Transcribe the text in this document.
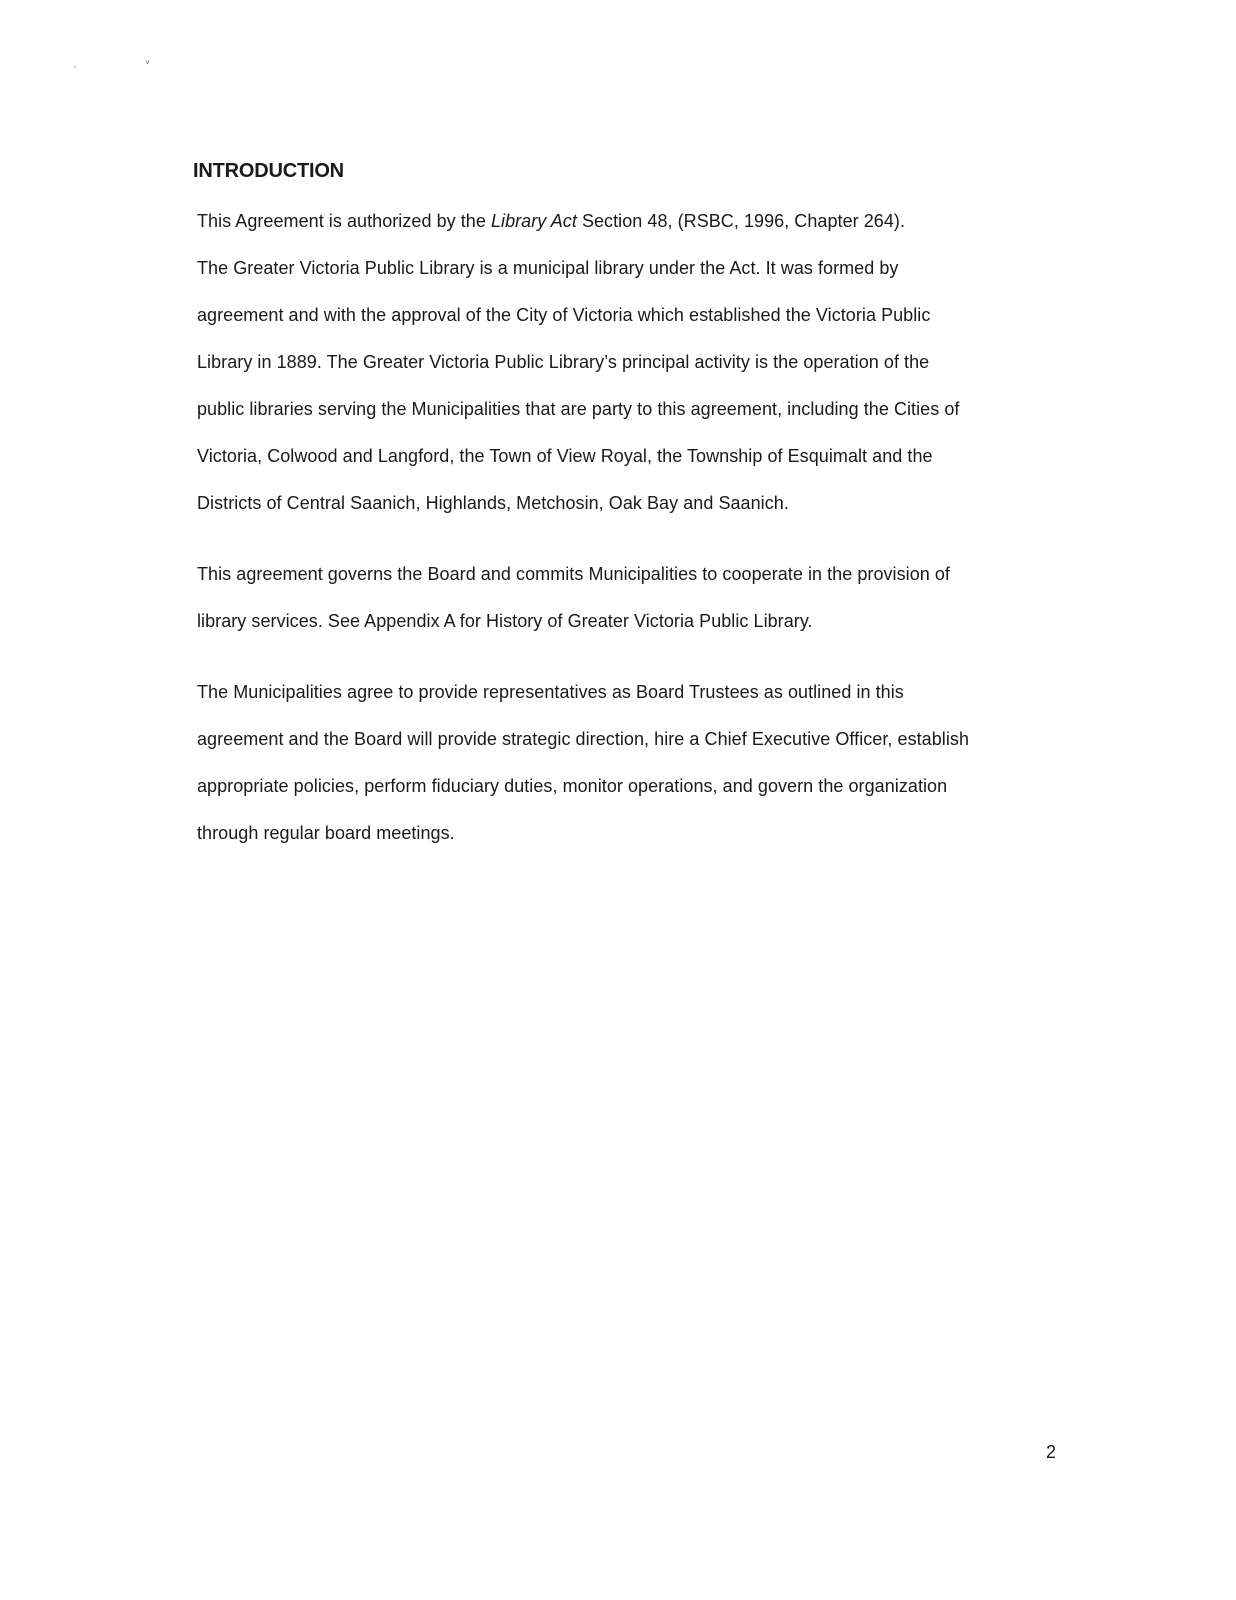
‘
ᵛ
INTRODUCTION

This Agreement is authorized by the Library Act Section 48, (RSBC, 1996, Chapter 264).
The Greater Victoria Public Library is a municipal library under the Act. It was formed by
agreement and with the approval of the City of Victoria which established the Victoria Public
Library in 1889. The Greater Victoria Public Library’s principal activity is the operation of the
public libraries serving the Municipalities that are party to this agreement, including the Cities of
Victoria, Colwood and Langford, the Town of View Royal, the Township of Esquimalt and the
Districts of Central Saanich, Highlands, Metchosin, Oak Bay and Saanich.

This agreement governs the Board and commits Municipalities to cooperate in the provision of
library services. See Appendix A for History of Greater Victoria Public Library.

The Municipalities agree to provide representatives as Board Trustees as outlined in this
agreement and the Board will provide strategic direction, hire a Chief Executive Officer, establish
appropriate policies, perform fiduciary duties, monitor operations, and govern the organization
through regular board meetings.

2
